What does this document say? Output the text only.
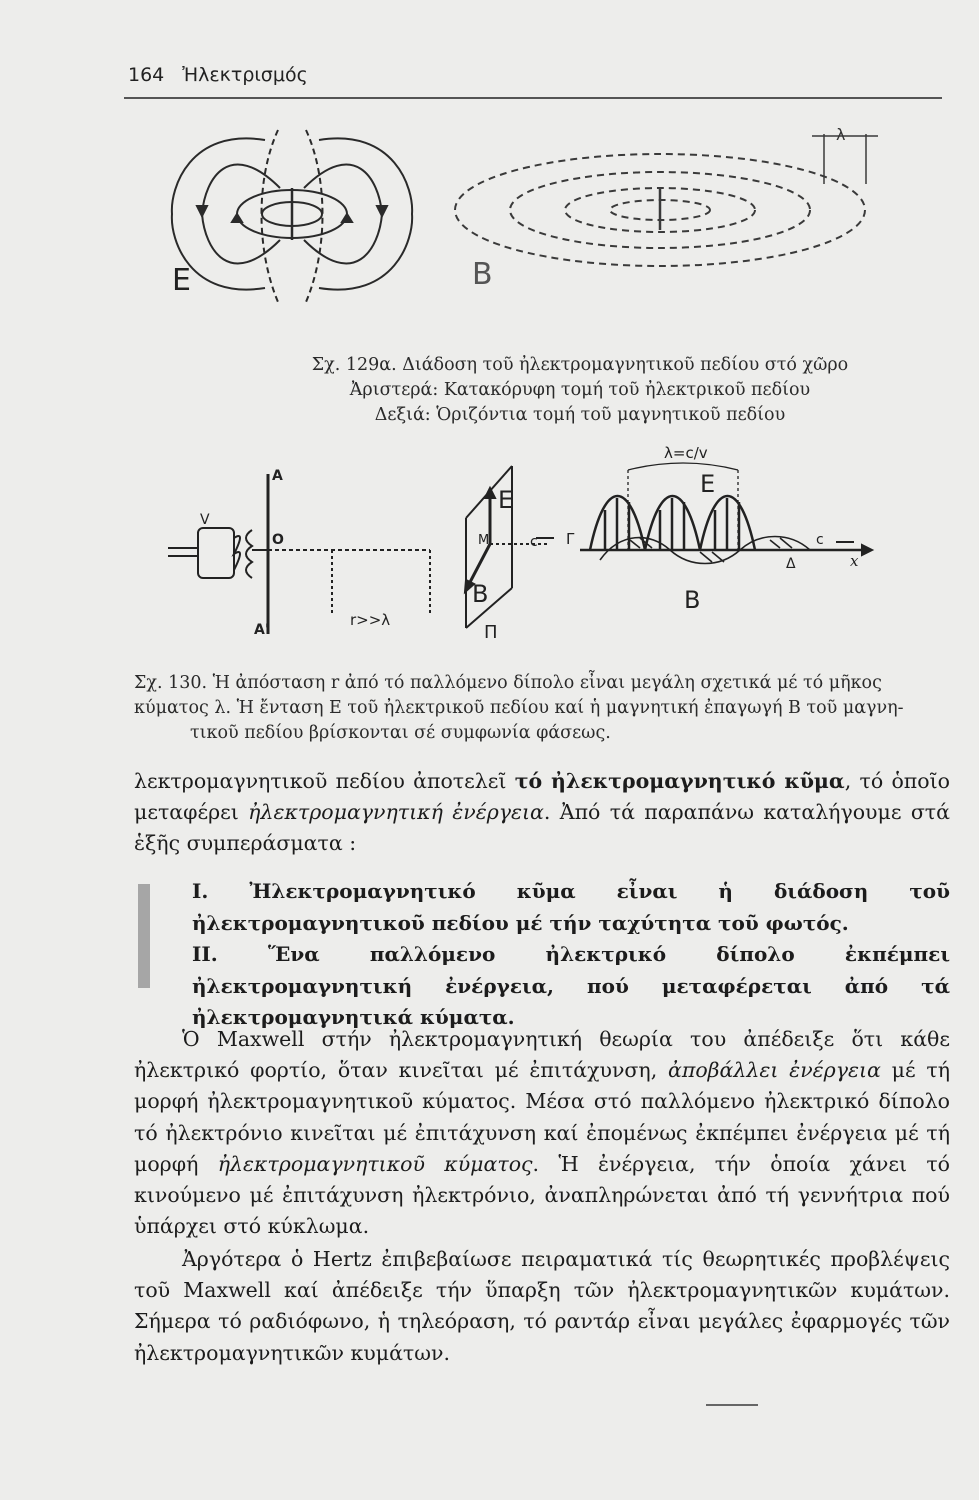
164 Ἠλεκτρισμός
E	B
λ
Σχ. 129α. Διάδοση τοῦ ἠλεκτρομαγνητικοῦ πεδίου στό χῶρο
Ἀριστερά: Κατακόρυφη τομή τοῦ ἠλεκτρικοῦ πεδίου
Δεξιά: Ὁριζόντια τομή τοῦ μαγνητικοῦ πεδίου
V
A
O
A'
r>>λ
M
E
B
c
Π
λ=c/v
Γ
E
B
Δ
c
x
Σχ. 130. Ἡ ἀπόσταση r ἀπό τό παλλόμενο δίπολο εἶναι μεγάλη σχετικά μέ τό μῆκος
κύματος λ. Ἡ ἔνταση E τοῦ ἠλεκτρικοῦ πεδίου καί ἡ μαγνητική ἐπαγωγή B τοῦ μαγνη-
τικοῦ πεδίου βρίσκονται σέ συμφωνία φάσεως.

λεκτρομαγνητικοῦ πεδίου ἀποτελεῖ τό ἠλεκτρομαγνητικό κῦμα, τό ὁποῖο μεταφέρει ἠλεκτρομαγνητική ἐνέργεια. Ἀπό τά παραπάνω καταλήγουμε στά ἑξῆς συμπεράσματα :

I. Ἠλεκτρομαγνητικό κῦμα εἶναι ἡ διάδοση τοῦ ἠλεκτρομαγνητικοῦ πεδίου μέ τήν ταχύτητα τοῦ φωτός.

II. Ἕνα παλλόμενο ἠλεκτρικό δίπολο ἐκπέμπει ἠλεκτρομαγνητική ἐνέργεια, πού μεταφέρεται ἀπό τά ἠλεκτρομαγνητικά κύματα.

Ὁ Maxwell στήν ἠλεκτρομαγνητική θεωρία του ἀπέδειξε ὅτι κάθε ἠλεκτρικό φορτίο, ὅταν κινεῖται μέ ἐπιτάχυνση, ἀποβάλλει ἐνέργεια μέ τή μορφή ἠλεκτρομαγνητικοῦ κύματος. Μέσα στό παλλόμενο ἠλεκτρικό δίπολο τό ἠλεκτρόνιο κινεῖται μέ ἐπιτάχυνση καί ἐπομένως ἐκπέμπει ἐνέργεια μέ τή μορφή ἠλεκτρομαγνητικοῦ κύματος. Ἡ ἐνέργεια, τήν ὁποία χάνει τό κινούμενο μέ ἐπιτάχυνση ἠλεκτρόνιο, ἀναπληρώνεται ἀπό τή γεννήτρια πού ὑπάρχει στό κύκλωμα.

Ἀργότερα ὁ Hertz ἐπιβεβαίωσε πειραματικά τίς θεωρητικές προβλέψεις τοῦ Maxwell καί ἀπέδειξε τήν ὕπαρξη τῶν ἠλεκτρομαγνητικῶν κυμάτων. Σήμερα τό ραδιόφωνο, ἡ τηλεόραση, τό ραντάρ εἶναι μεγάλες ἐφαρμογές τῶν ἠλεκτρομαγνητικῶν κυμάτων.
